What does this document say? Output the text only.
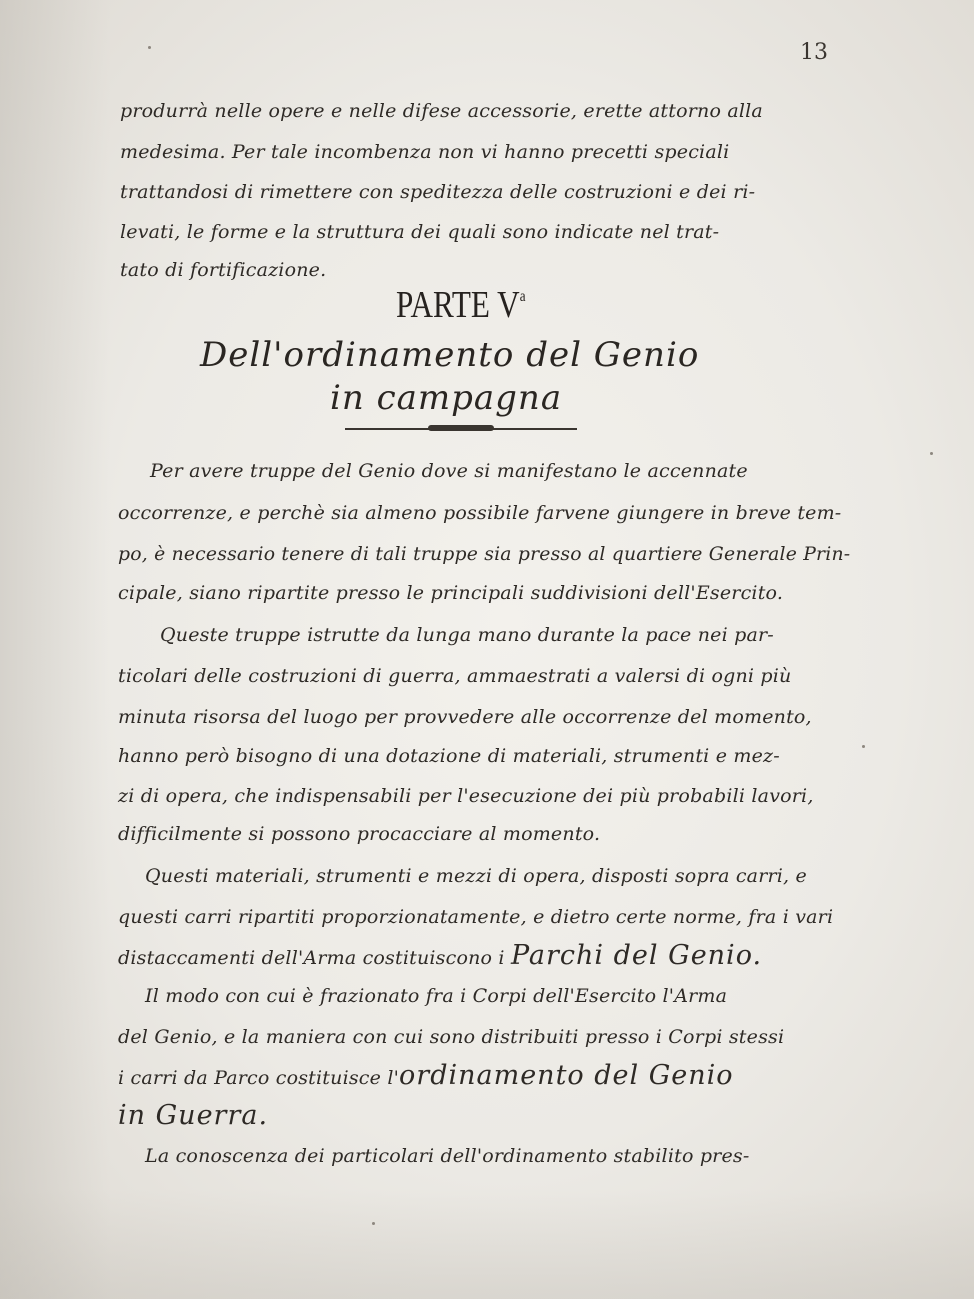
13
produrrà nelle opere e nelle difese accessorie, erette attorno alla
medesima. Per tale incombenza non vi hanno precetti speciali
trattandosi di rimettere con speditezza delle costruzioni e dei ri-
levati, le forme e la struttura dei quali sono indicate nel trat-
tato di fortificazione.
PARTE $V^a$
Dell'ordinamento del Genio
in campagna
Per avere truppe del Genio dove si manifestano le accennate
occorrenze, e perchè sia almeno possibile farvene giungere in breve tem-
po, è necessario tenere di tali truppe sia presso al quartiere Generale Prin-
cipale, siano ripartite presso le principali suddivisioni dell'Esercito.
Queste truppe istrutte da lunga mano durante la pace nei par-
ticolari delle costruzioni di guerra, ammaestrati a valersi di ogni più
minuta risorsa del luogo per provvedere alle occorrenze del momento,
hanno però bisogno di una dotazione di materiali, strumenti e mez-
zi di opera, che indispensabili per l'esecuzione dei più probabili lavori,
difficilmente si possono procacciare al momento.
Questi materiali, strumenti e mezzi di opera, disposti sopra carri, e
questi carri ripartiti proporzionatamente, e dietro certe norme, fra i vari
distaccamenti dell'Arma costituiscono i Parchi del Genio.
Il modo con cui è frazionato fra i Corpi dell'Esercito l'Arma
del Genio, e la maniera con cui sono distribuiti presso i Corpi stessi
i carri da Parco costituisce l'ordinamento del Genio
in Guerra.
La conoscenza dei particolari dell'ordinamento stabilito pres-
